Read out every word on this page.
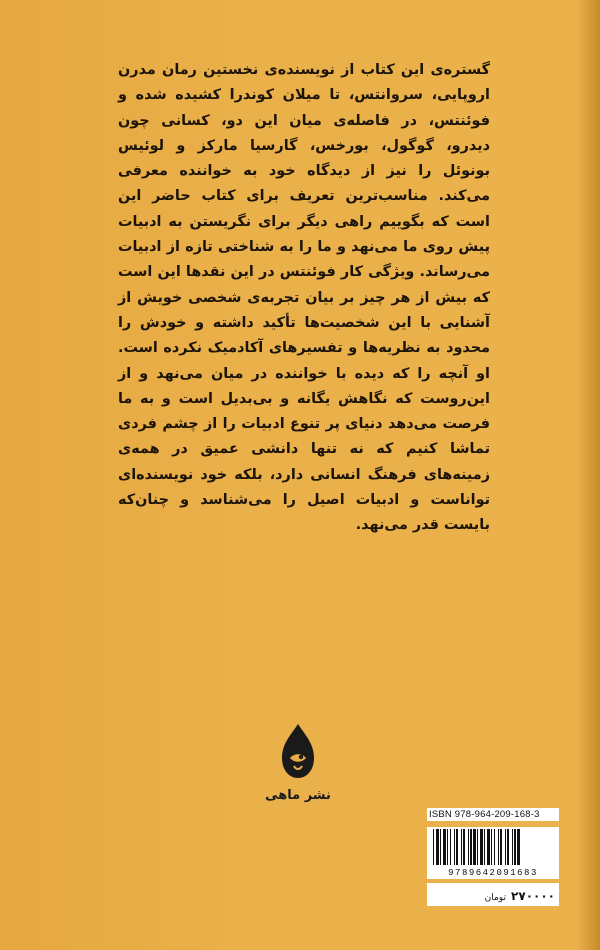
گستره‌ی این کتاب از نویسنده‌ی نخستین رمان مدرن اروپایی، سروانتس، تا میلان کوندرا کشیده شده و فوئنتس، در فاصله‌ی میان این دو، کسانی چون دیدرو، گوگول، بورخس، گارسیا مارکز و لوئیس بونوئل را نیز از دیدگاه خود به خواننده معرفی می‌کند. مناسب‌ترین تعریف برای کتاب حاضر این است که بگوییم راهی دیگر برای نگریستن به ادبیات پیش روی ما می‌نهد و ما را به شناختی تازه از ادبیات می‌رساند. ویژگی کار فوئنتس در این نقدها این است که بیش از هر چیز بر بیان تجربه‌ی شخصی خویش از آشنایی با این شخصیت‌ها تأکید داشته و خودش را محدود به نظریه‌ها و تفسیرهای آکادمیک نکرده است. او آنچه را که دیده با خواننده در میان می‌نهد و از این‌روست که نگاهش یگانه و بی‌بدیل است و به ما فرصت می‌دهد دنیای پر تنوع ادبیات را از چشم فردی تماشا کنیم که نه تنها دانشی عمیق در همه‌ی زمینه‌های فرهنگ انسانی دارد، بلکه خود نویسنده‌ای تواناست و ادبیات اصیل را می‌شناسد و چنان‌که بایست قدر می‌نهد.
نشر ماهی
ISBN 978-964-209-168-3
9789642091683
۲۷۰۰۰۰ تومان
